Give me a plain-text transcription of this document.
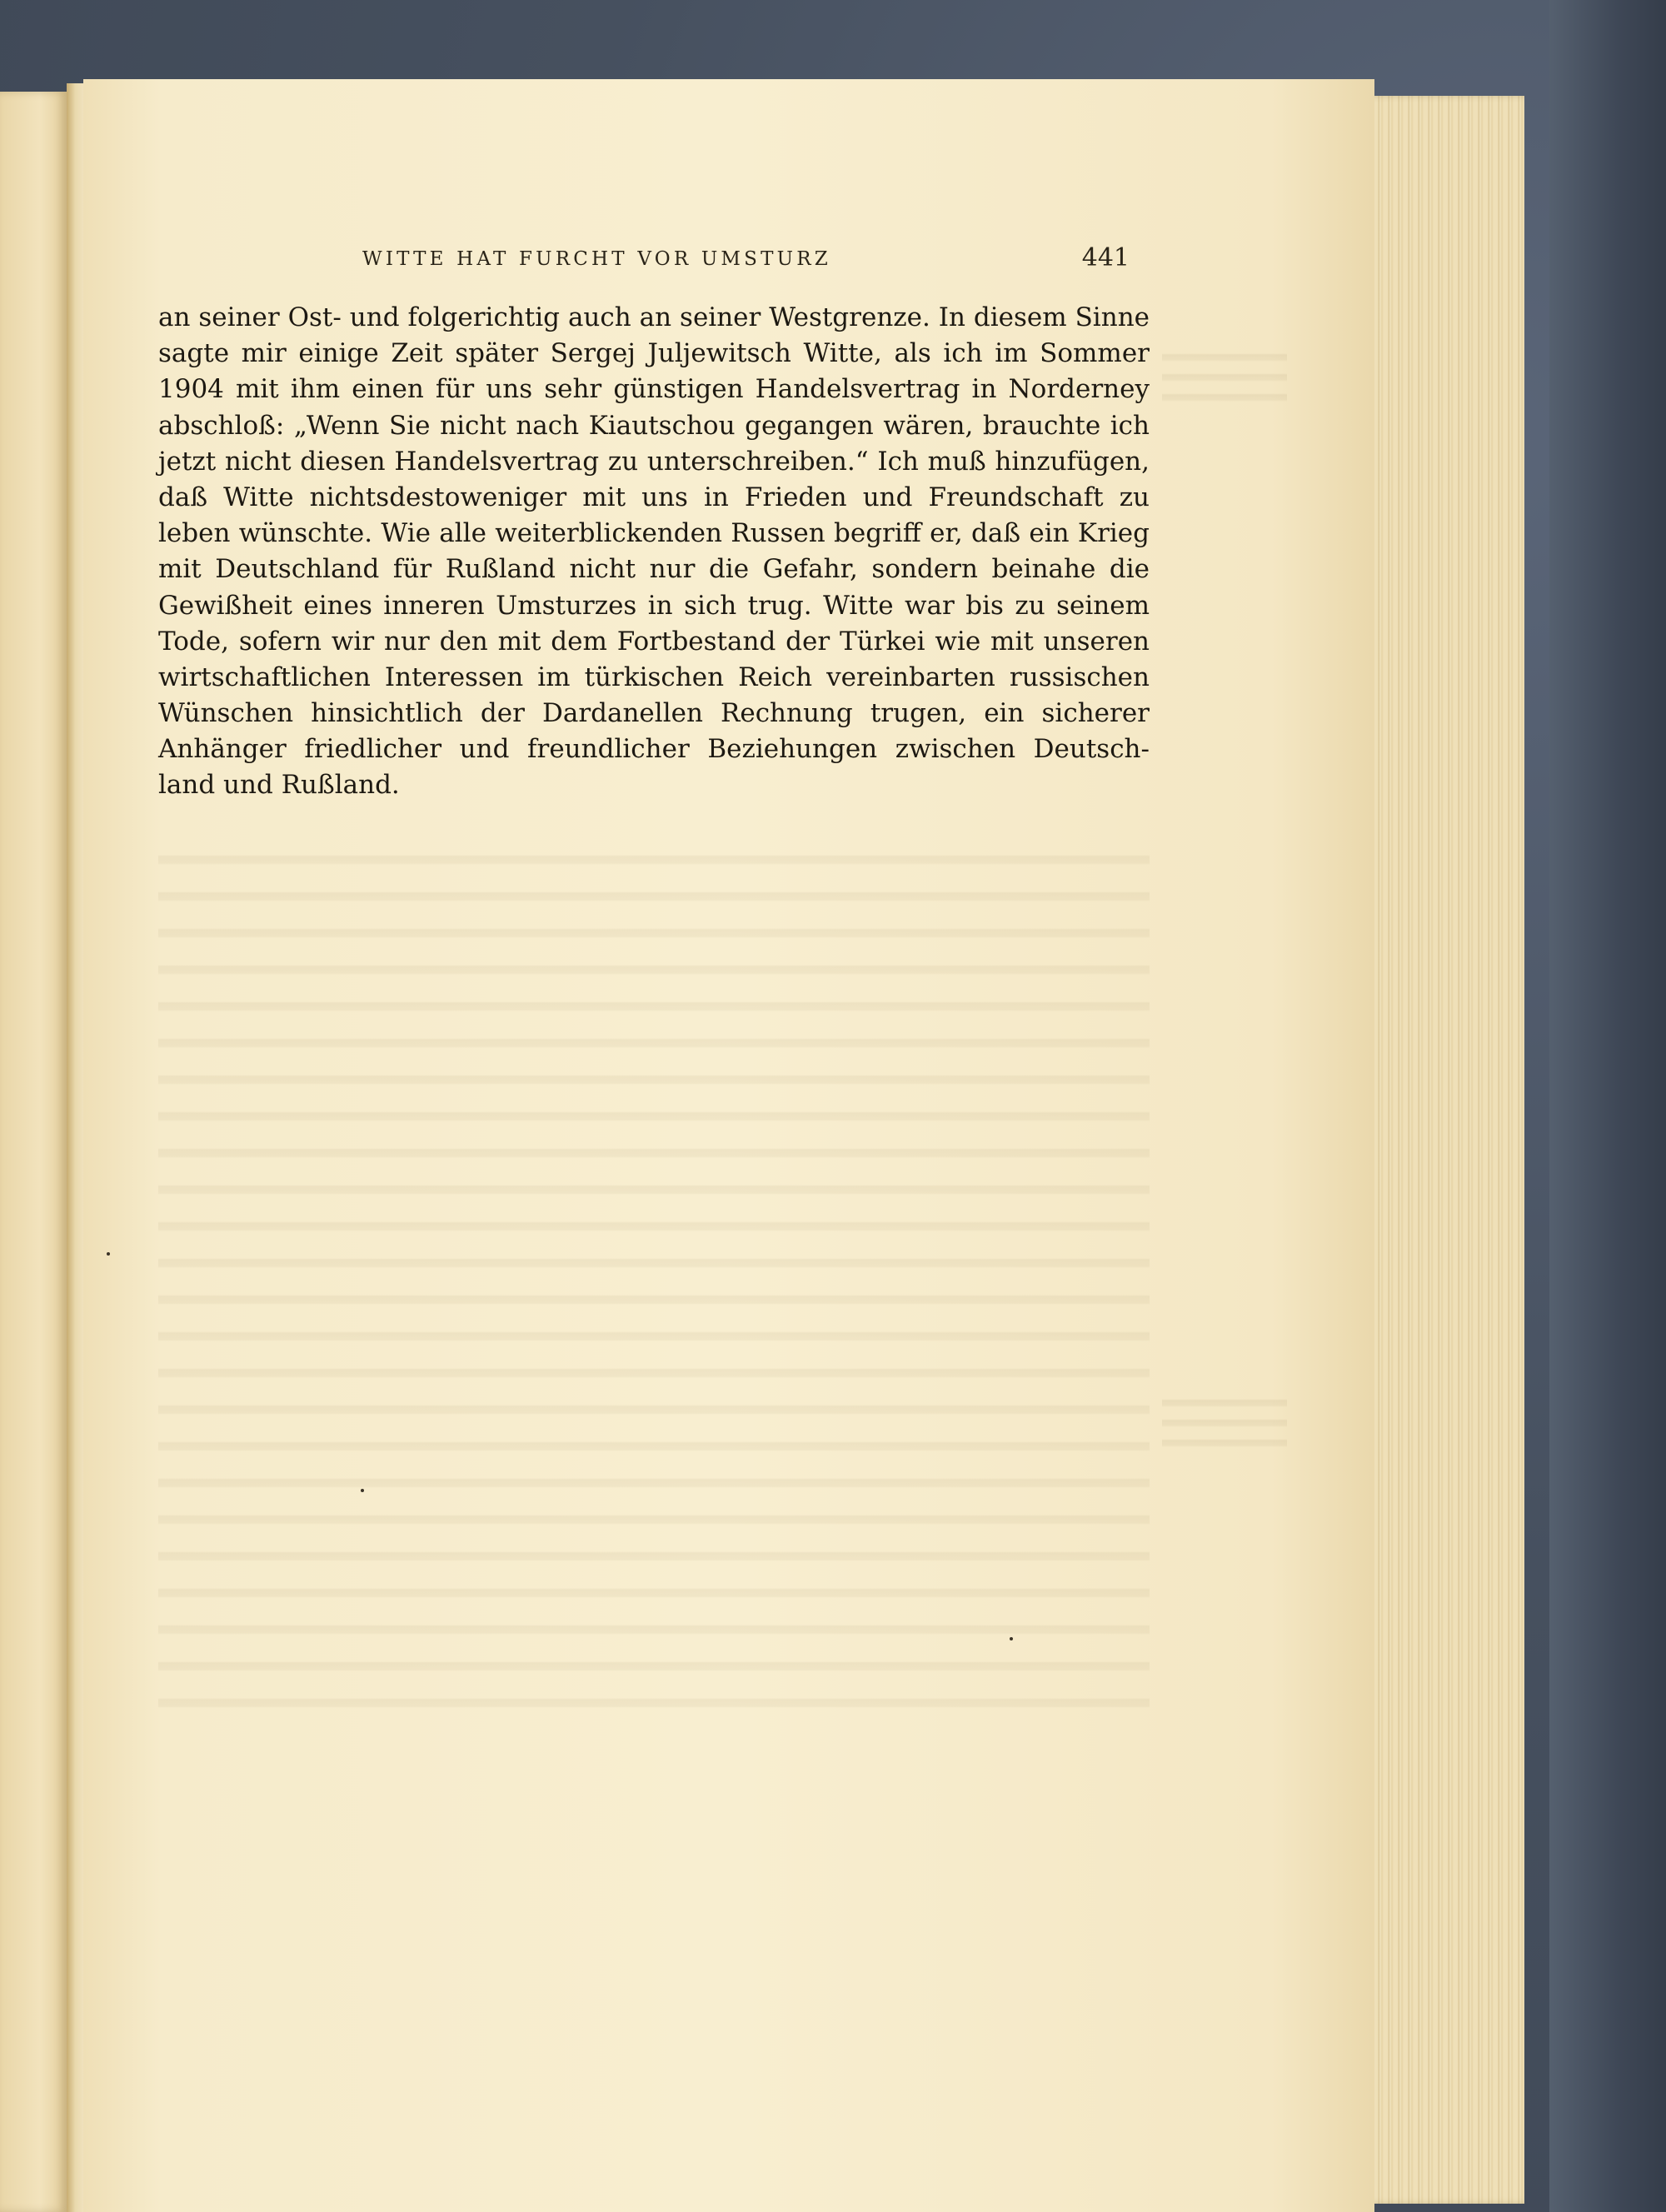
WITTE HAT FURCHT VOR UMSTURZ	441
an seiner Ost- und folgerichtig auch an seiner Westgrenze. In diesem Sinne
sagte mir einige Zeit später Sergej Juljewitsch Witte, als ich im Sommer
1904 mit ihm einen für uns sehr günstigen Handelsvertrag in Norderney
abschloß: „Wenn Sie nicht nach Kiautschou gegangen wären, brauchte ich
jetzt nicht diesen Handelsvertrag zu unterschreiben.“ Ich muß hinzufügen,
daß Witte nichtsdestoweniger mit uns in Frieden und Freundschaft zu
leben wünschte. Wie alle weiterblickenden Russen begriff er, daß ein Krieg
mit Deutschland für Rußland nicht nur die Gefahr, sondern beinahe die
Gewißheit eines inneren Umsturzes in sich trug. Witte war bis zu seinem
Tode, sofern wir nur den mit dem Fortbestand der Türkei wie mit unseren
wirtschaftlichen Interessen im türkischen Reich vereinbarten russischen
Wünschen hinsichtlich der Dardanellen Rechnung trugen, ein sicherer
Anhänger friedlicher und freundlicher Beziehungen zwischen Deutsch-
land und Rußland.
